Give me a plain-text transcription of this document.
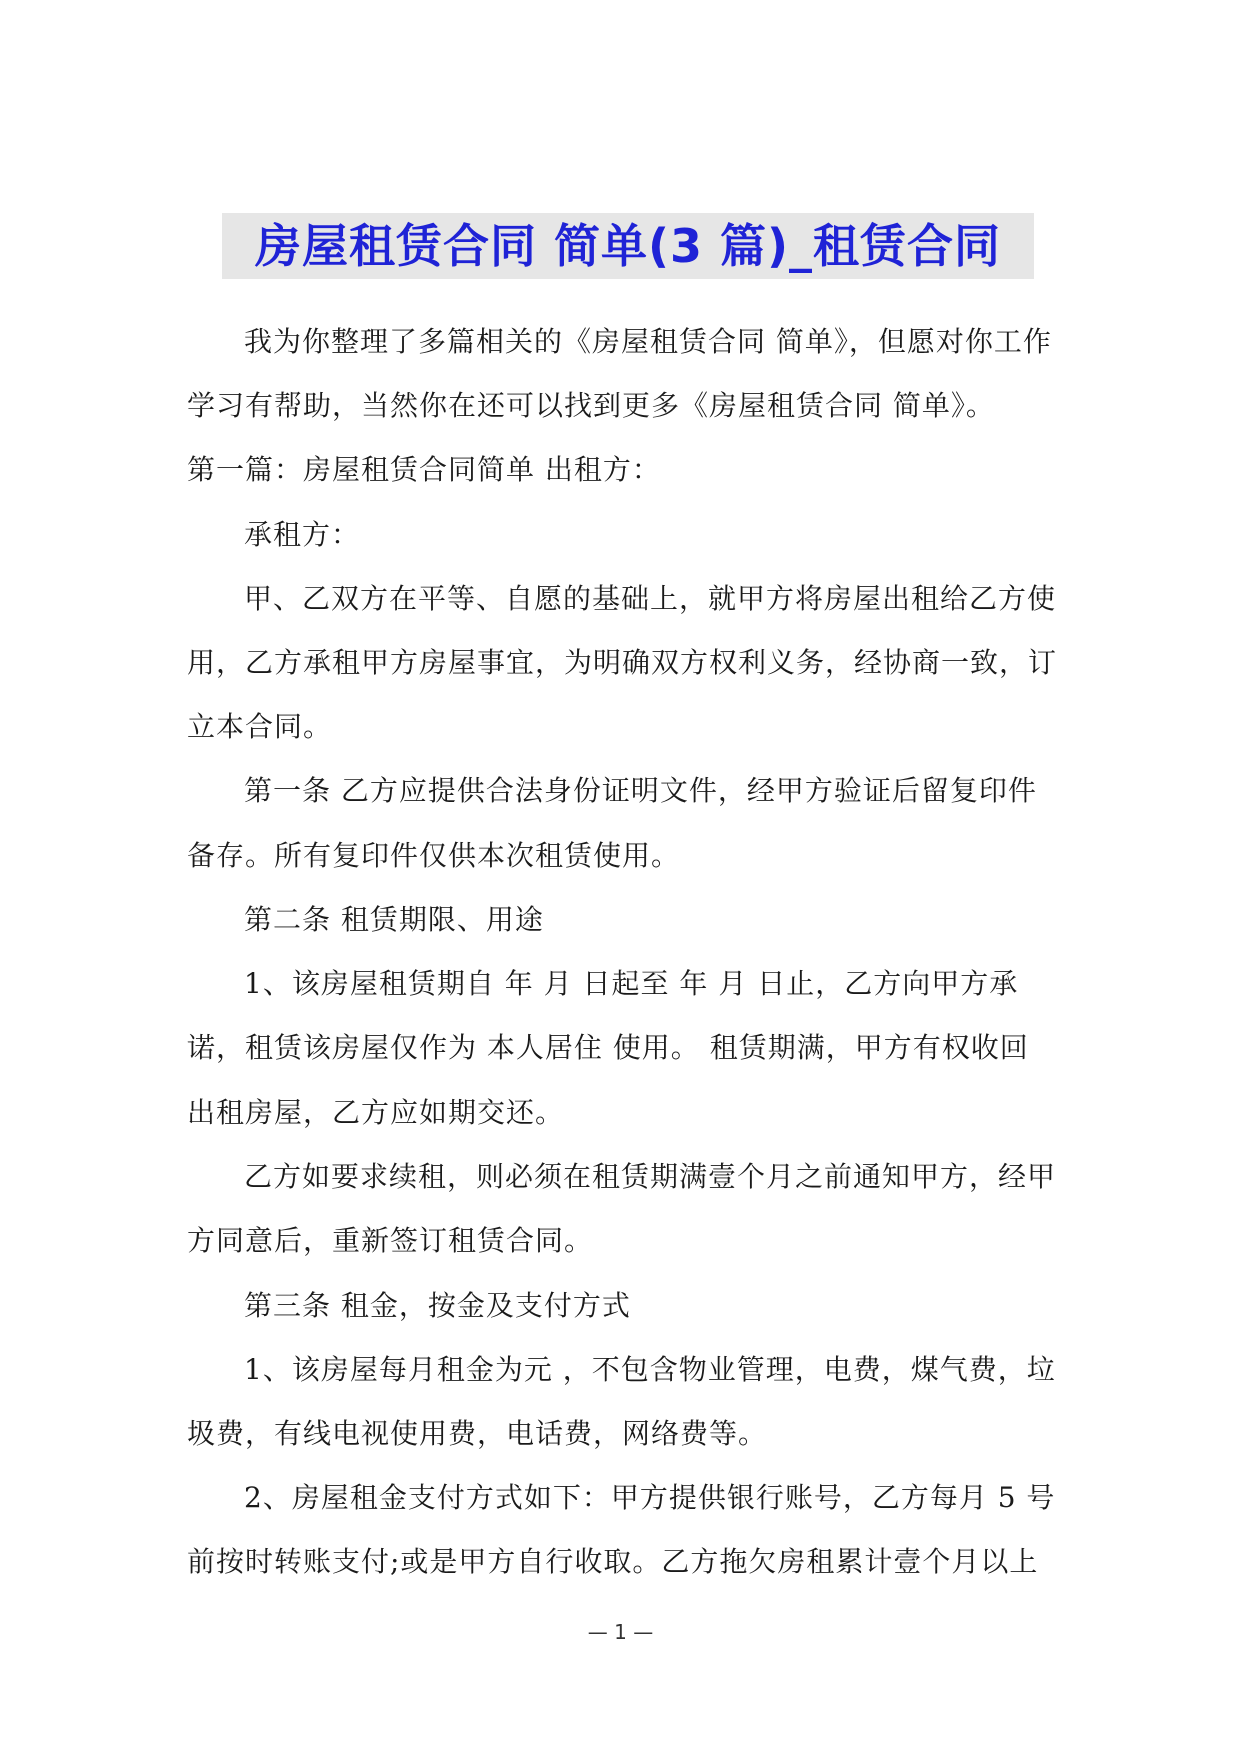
房屋租赁合同 简单(3 篇)_租赁合同
我为你整理了多篇相关的《房屋租赁合同 简单》，但愿对你工作
学习有帮助，当然你在还可以找到更多《房屋租赁合同 简单》。
第一篇：房屋租赁合同简单 出租方：
承租方：
甲、乙双方在平等、自愿的基础上，就甲方将房屋出租给乙方使
用，乙方承租甲方房屋事宜，为明确双方权利义务，经协商一致，订
立本合同。
第一条 乙方应提供合法身份证明文件，经甲方验证后留复印件
备存。所有复印件仅供本次租赁使用。
第二条 租赁期限、用途
1、该房屋租赁期自 年 月 日起至 年 月 日止，乙方向甲方承
诺，租赁该房屋仅作为 本人居住 使用。 租赁期满，甲方有权收回
出租房屋，乙方应如期交还。
乙方如要求续租，则必须在租赁期满壹个月之前通知甲方，经甲
方同意后，重新签订租赁合同。
第三条 租金，按金及支付方式
1、该房屋每月租金为元 ，不包含物业管理，电费，煤气费，垃
圾费，有线电视使用费，电话费，网络费等。
2、房屋租金支付方式如下：甲方提供银行账号，乙方每月 5 号
前按时转账支付;或是甲方自行收取。乙方拖欠房租累计壹个月以上
— 1 —
